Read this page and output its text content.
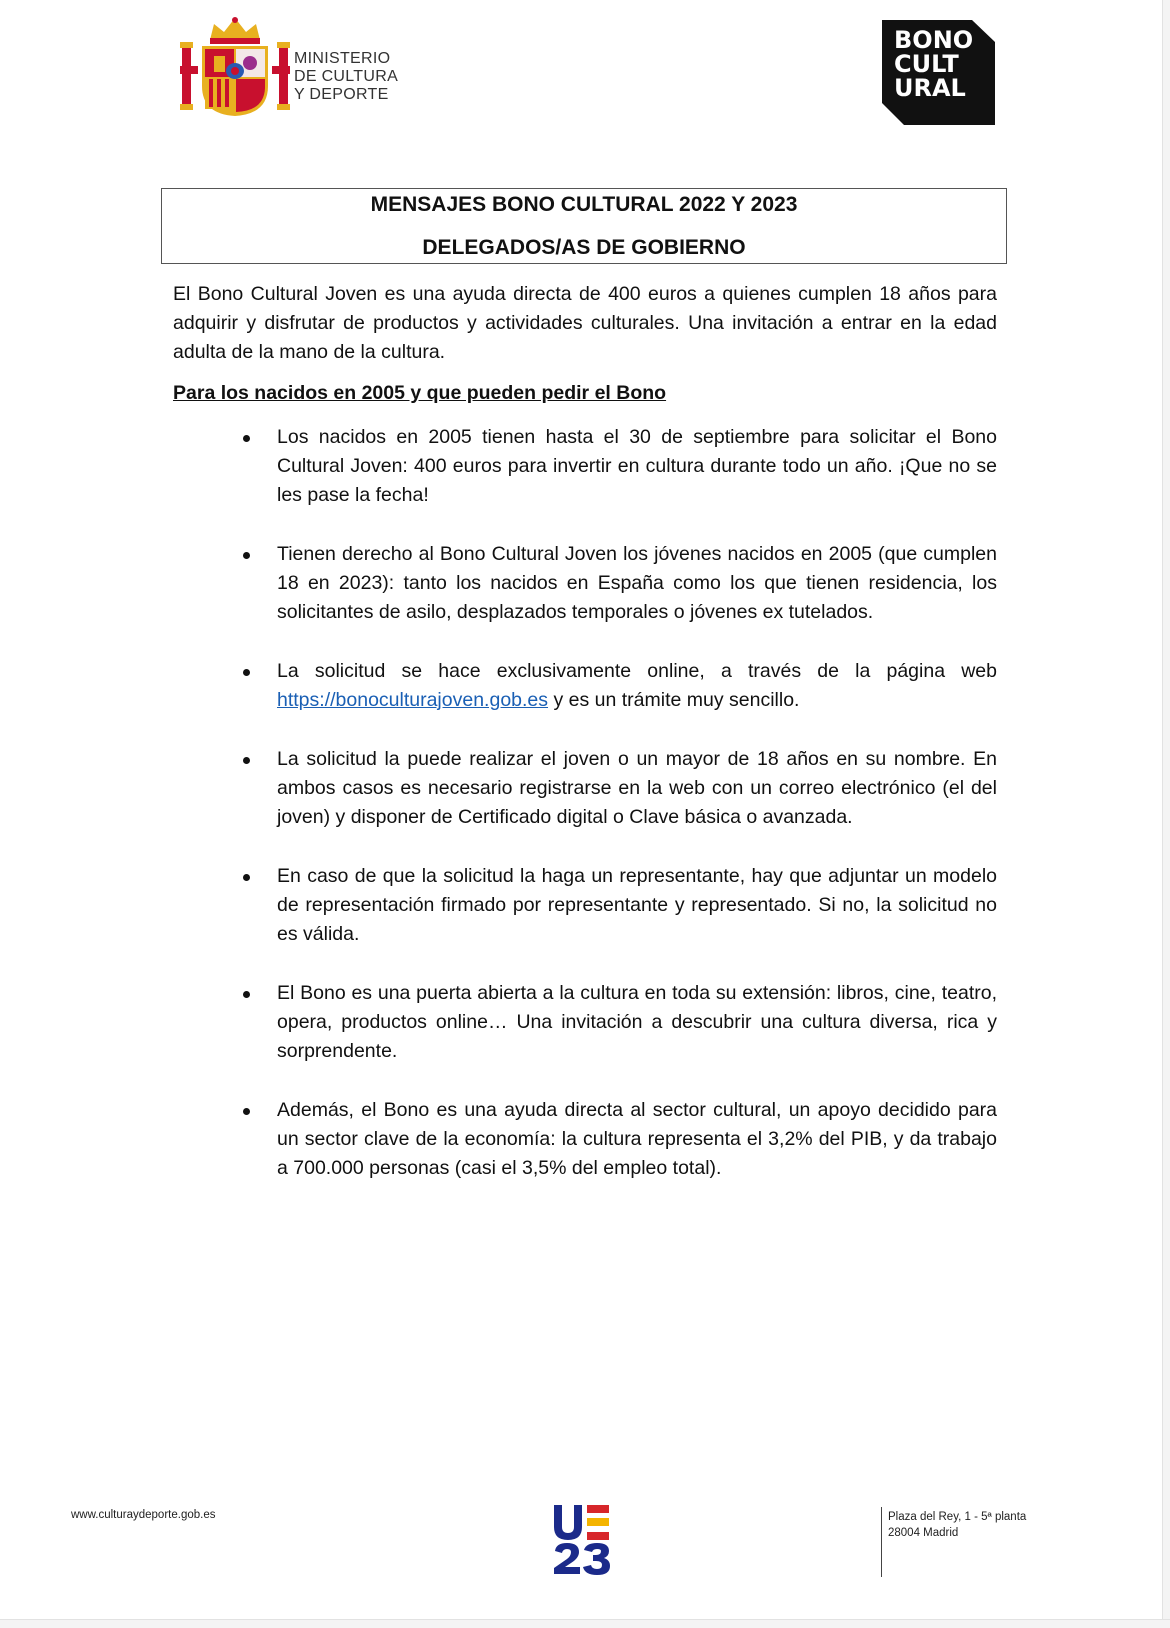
MINISTERIO
DE CULTURA
Y DEPORTE
BONO
CULT
URAL
MENSAJES BONO CULTURAL 2022 Y 2023
DELEGADOS/AS DE GOBIERNO

El Bono Cultural Joven es una ayuda directa de 400 euros a quienes cumplen 18 años para adquirir y disfrutar de productos y actividades culturales. Una invitación a entrar en la edad adulta de la mano de la cultura.

Para los nacidos en 2005 y que pueden pedir el Bono

Los nacidos en 2005 tienen hasta el 30 de septiembre para solicitar el Bono Cultural Joven: 400 euros para invertir en cultura durante todo un año. ¡Que no se les pase la fecha!
Tienen derecho al Bono Cultural Joven los jóvenes nacidos en 2005 (que cumplen 18 en 2023): tanto los nacidos en España como los que tienen residencia, los solicitantes de asilo, desplazados temporales o jóvenes ex tutelados.
La solicitud se hace exclusivamente online, a través de la página web https://bonoculturajoven.gob.es y es un trámite muy sencillo.
La solicitud la puede realizar el joven o un mayor de 18 años en su nombre. En ambos casos es necesario registrarse en la web con un correo electrónico (el del joven) y disponer de Certificado digital o Clave básica o avanzada.
En caso de que la solicitud la haga un representante, hay que adjuntar un modelo de representación firmado por representante y representado. Si no, la solicitud no es válida.
El Bono es una puerta abierta a la cultura en toda su extensión: libros, cine, teatro, opera, productos online… Una invitación a descubrir una cultura diversa, rica y sorprendente.
Además, el Bono es una ayuda directa al sector cultural, un apoyo decidido para un sector clave de la economía: la cultura representa el 3,2% del PIB, y da trabajo a 700.000 personas (casi el 3,5% del empleo total).
www.culturaydeporte.gob.es	Plaza del Rey, 1 - 5ª planta
28004 Madrid
